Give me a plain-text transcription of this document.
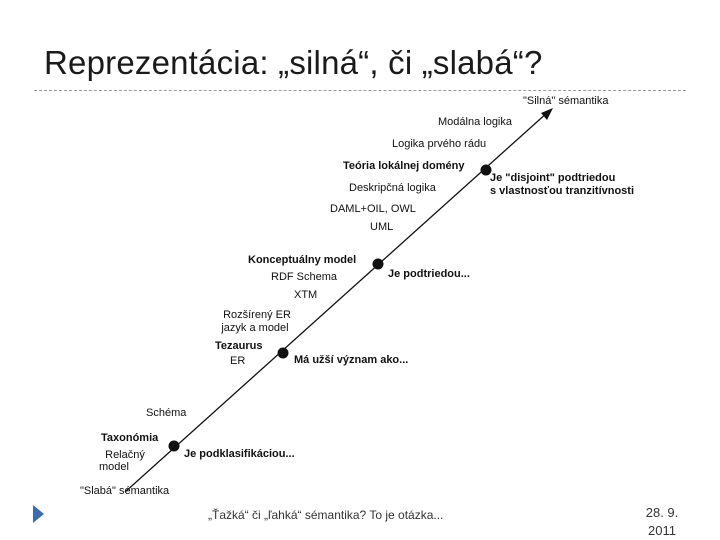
Reprezentácia: „silná“, či „slabá“?
"Silná" sémantika
Modálna logika
Logika prvého rádu
Teória lokálnej domény
Je "disjoint" podtriedou
s vlastnosťou tranzitívnosti
Deskripčná logika
DAML+OIL, OWL
UML
Konceptuálny model
Je podtriedou...
RDF Schema
XTM
Rozšírený ER
jazyk a model
Tezaurus
Má užší význam ako...
ER
Schéma
Taxonómia
Je podklasifikáciou...
Relačný
model
"Slabá" sémantika
„Ťažká“ či „ľahká“ sémantika? To je otázka...	28. 9.
2011
